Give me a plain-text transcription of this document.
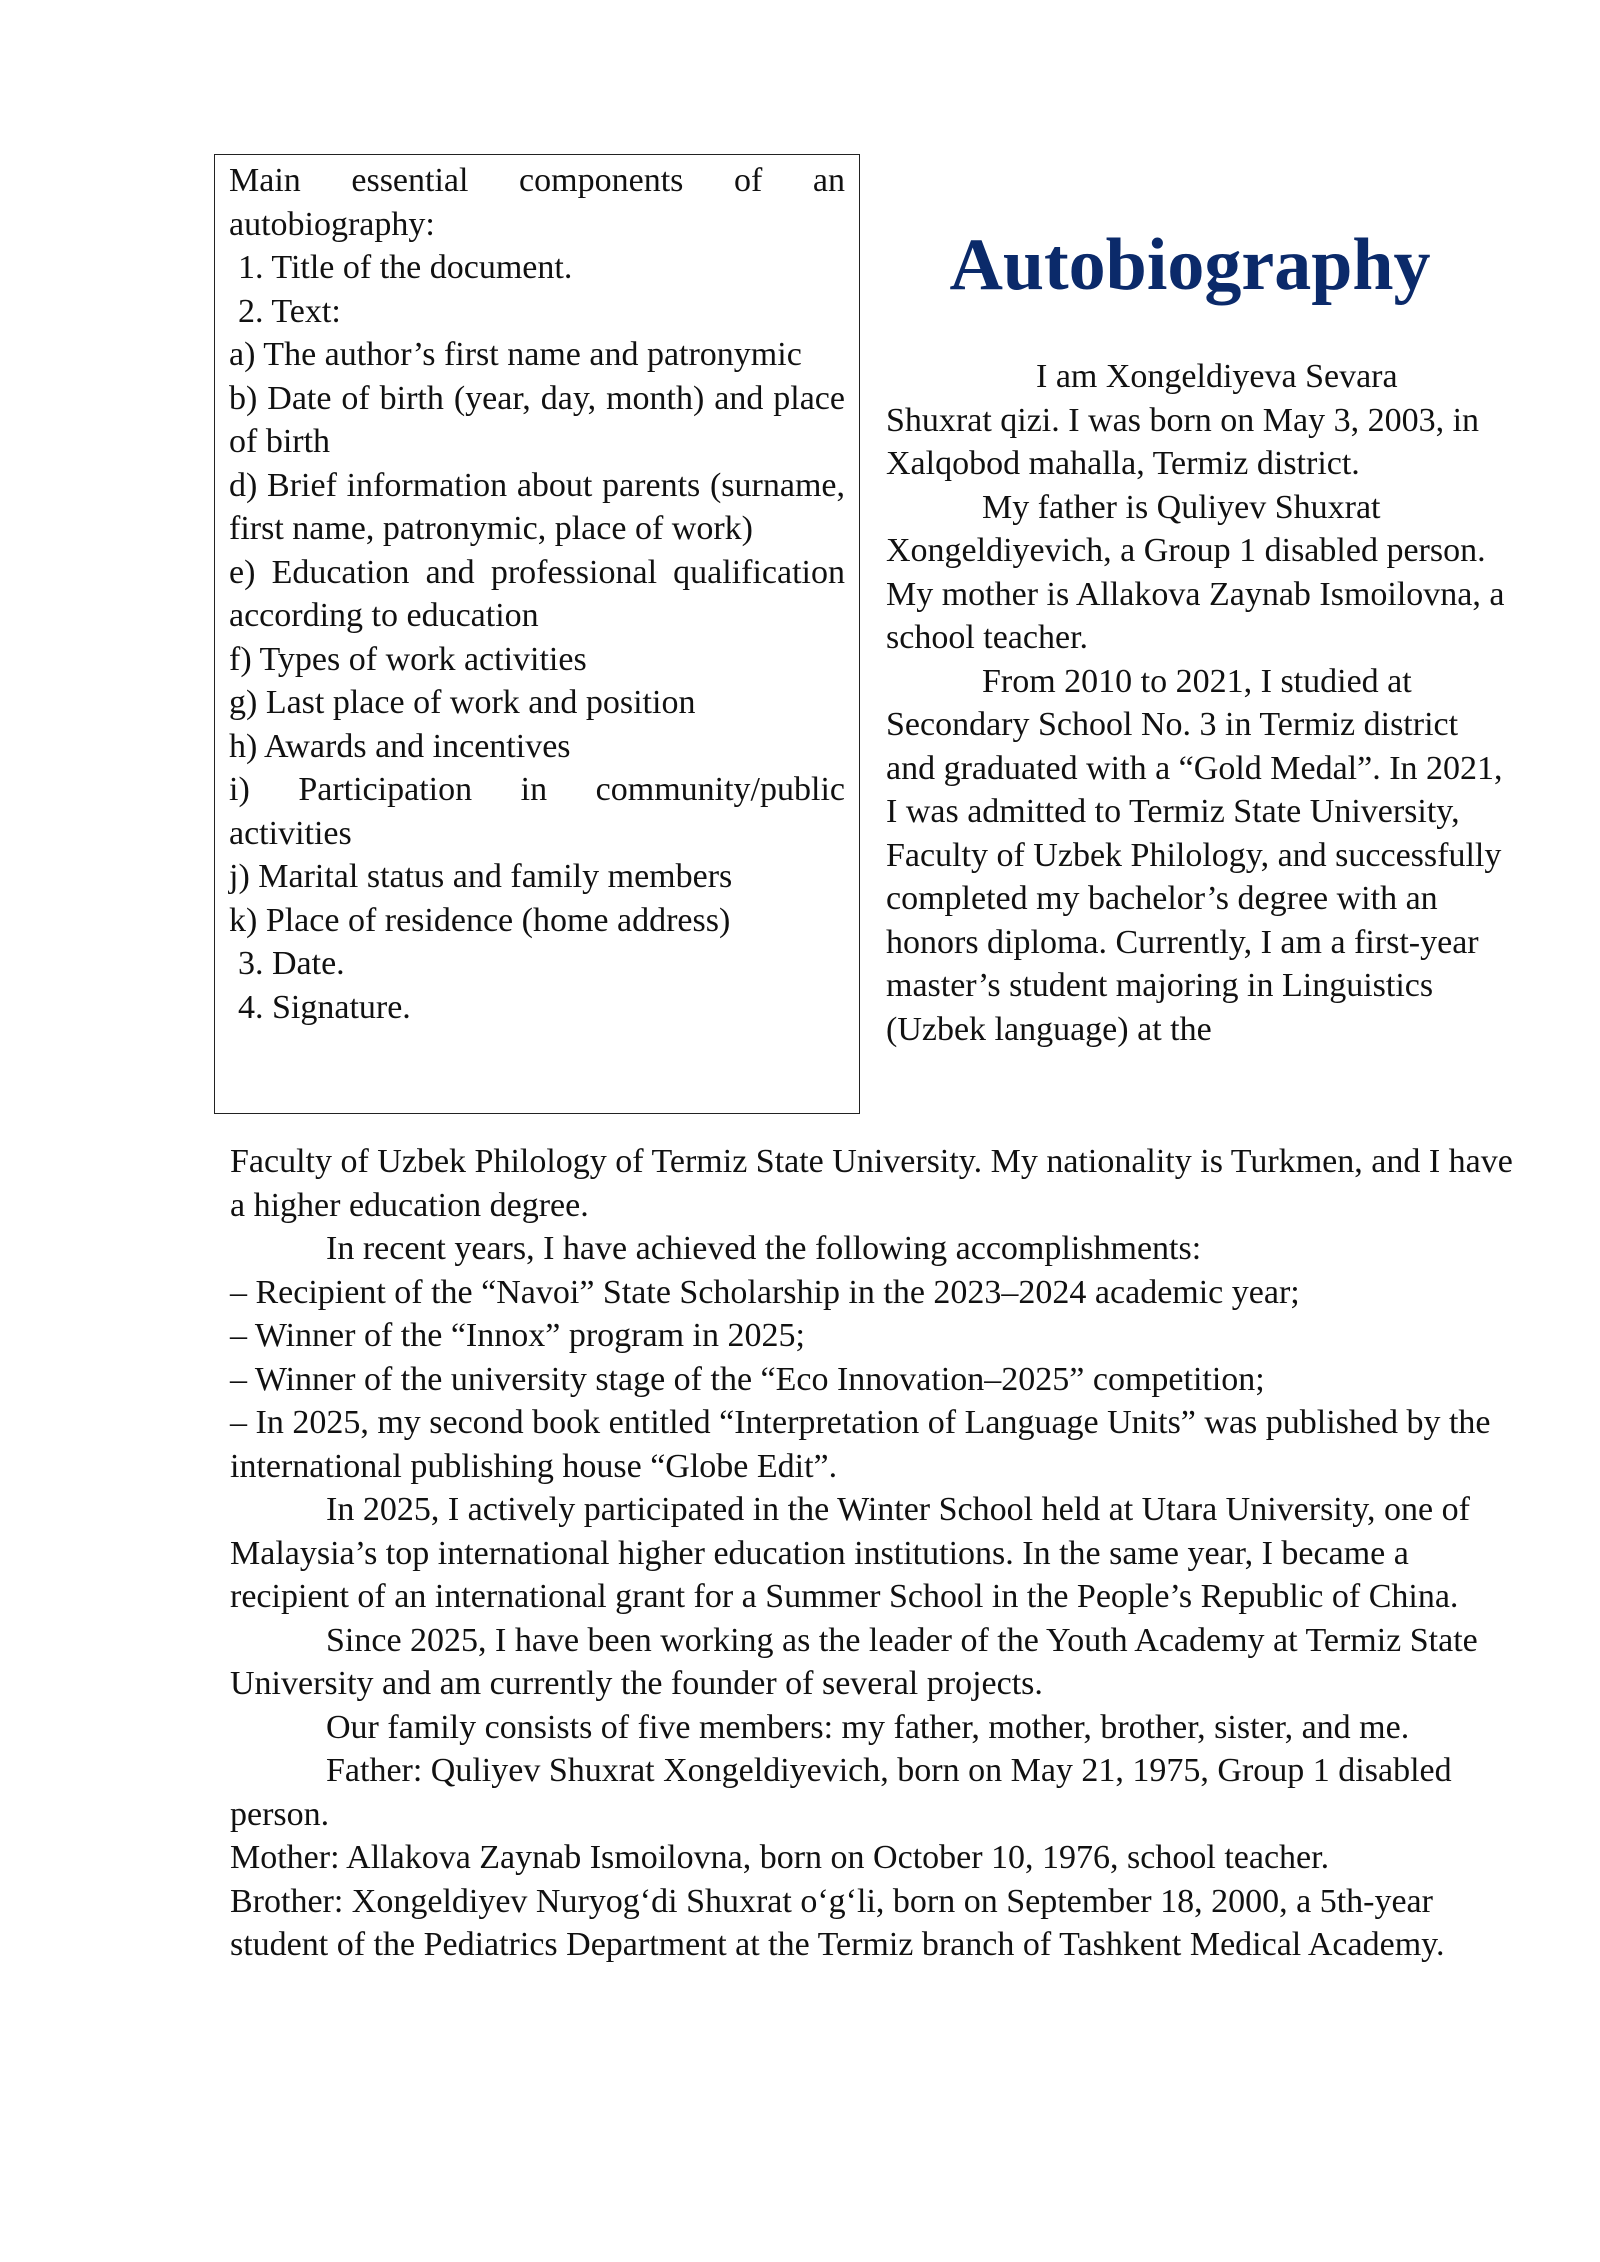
Main essential components of an
autobiography:
1. Title of the document.
2. Text:
a) The author’s first name and patronymic
b) Date of birth (year, day, month) and place of birth
d) Brief information about parents (surname, first name, patronymic, place of work)
e) Education and professional qualification according to education
f) Types of work activities
g) Last place of work and position
h) Awards and incentives
i) Participation in community/public activities
j) Marital status and family members
k) Place of residence (home address)
3. Date.
4. Signature.
Autobiography

I am Xongeldiyeva Sevara Shuxrat qizi. I was born on May 3, 2003, in Xalqobod mahalla, Termiz district.

My father is Quliyev Shuxrat Xongeldiyevich, a Group 1 disabled person. My mother is Allakova Zaynab Ismoilovna, a school teacher.

From 2010 to 2021, I studied at Secondary School No. 3 in Termiz district and graduated with a “Gold Medal”. In 2021, I was admitted to Termiz State University, Faculty of Uzbek Philology, and successfully completed my bachelor’s degree with an honors diploma. Currently, I am a first-year master’s student majoring in Linguistics (Uzbek language) at the

Faculty of Uzbek Philology of Termiz State University. My nationality is Turkmen, and I have a higher education degree.

In recent years, I have achieved the following accomplishments:

– Recipient of the “Navoi” State Scholarship in the 2023–2024 academic year;

– Winner of the “Innox” program in 2025;

– Winner of the university stage of the “Eco Innovation–2025” competition;

– In 2025, my second book entitled “Interpretation of Language Units” was published by the international publishing house “Globe Edit”.

In 2025, I actively participated in the Winter School held at Utara University, one of Malaysia’s top international higher education institutions. In the same year, I became a recipient of an international grant for a Summer School in the People’s Republic of China.

Since 2025, I have been working as the leader of the Youth Academy at Termiz State University and am currently the founder of several projects.

Our family consists of five members: my father, mother, brother, sister, and me.

Father: Quliyev Shuxrat Xongeldiyevich, born on May 21, 1975, Group 1 disabled person.

Mother: Allakova Zaynab Ismoilovna, born on October 10, 1976, school teacher.

Brother: Xongeldiyev Nuryog‘di Shuxrat o‘g‘li, born on September 18, 2000, a 5th-year student of the Pediatrics Department at the Termiz branch of Tashkent Medical Academy.
